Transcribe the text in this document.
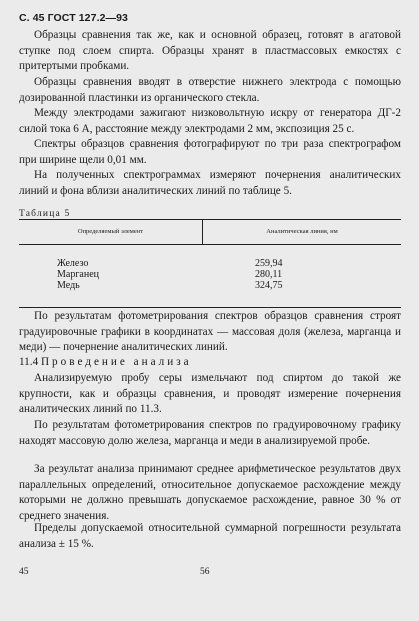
С. 45 ГОСТ 127.2—93
Образцы сравнения так же, как и основной образец, готовят в агатовой ступке под слоем спирта. Образцы хранят в пластмассовых емкостях с притертыми пробками.
Образцы сравнения вводят в отверстие нижнего электрода с помощью дозированной пластинки из органического стекла.
Между электродами зажигают низковольтную искру от генератора ДГ-2 силой тока 6 А, расстояние между электродами 2 мм, экспозиция 25 с.
Спектры образцов сравнения фотографируют по три раза спектрографом при ширине щели 0,01 мм.
На полученных спектрограммах измеряют почернения аналитических линий и фона вблизи аналитических линий по таблице 5.
Таблица 5
Определяемый элемент	Аналитическая линия, нм
Железо	259,94
Марганец	280,11
Медь	324,75
По результатам фотометрирования спектров образцов сравнения строят градуировочные графики в координатах — массовая доля (железа, марганца и меди) — почернение аналитических линий.
11.4 Проведение анализа
Анализируемую пробу серы измельчают под спиртом до такой же крупности, как и образцы сравнения, и проводят измерение почернения аналитических линий по 11.3.
По результатам фотометрирования спектров по градуировочному графику находят массовую долю железа, марганца и меди в анализируемой пробе.
За результат анализа принимают среднее арифметическое результатов двух параллельных определений, относительное допускаемое расхождение между которыми не должно превышать допускаемое расхождение, равное 30 % от среднего значения.
Пределы допускаемой относительной суммарной погрешности результата анализа ± 15 %.
45	56
